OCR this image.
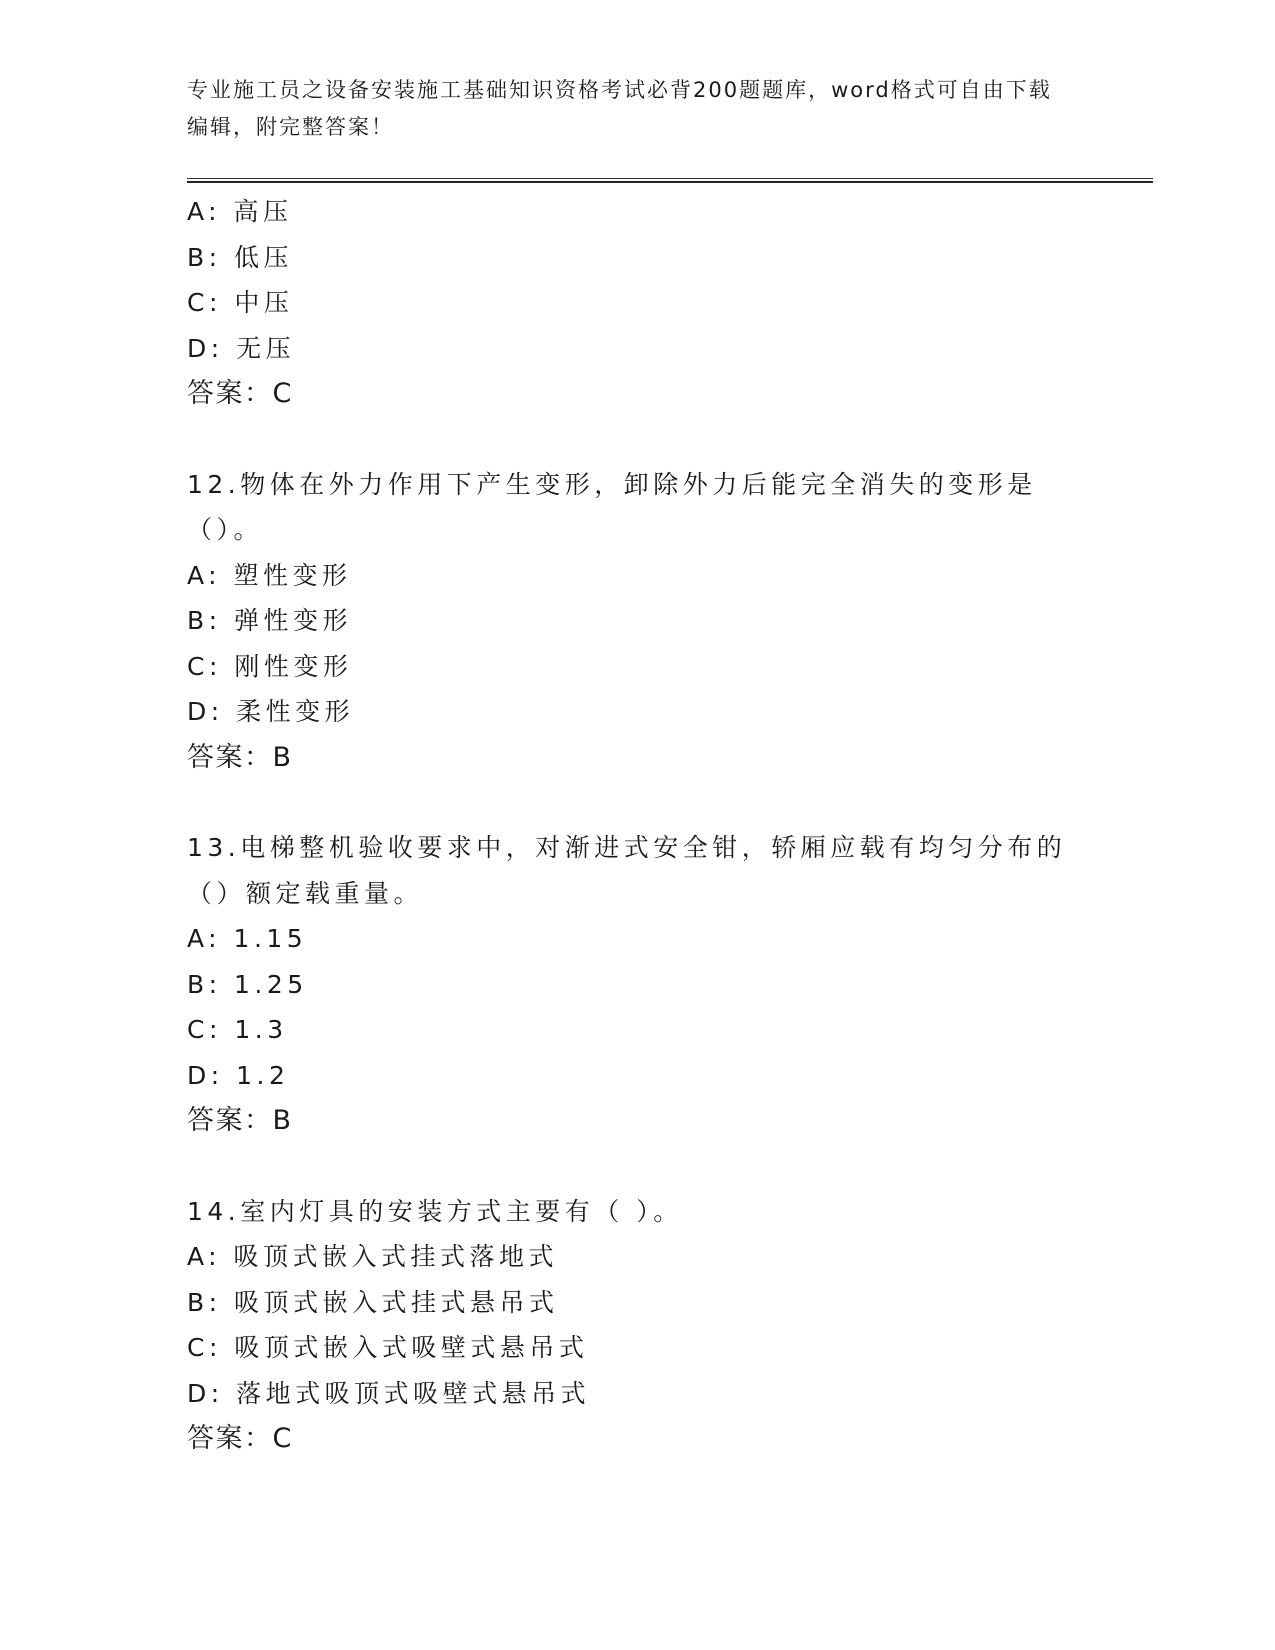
专业施工员之设备安装施工基础知识资格考试必背200题题库，word格式可自由下载编辑，附完整答案！
A: 高压
B: 低压
C: 中压
D: 无压
答案：C
12.物体在外力作用下产生变形，卸除外力后能完全消失的变形是（）。
A: 塑性变形
B: 弹性变形
C: 刚性变形
D: 柔性变形
答案：B
13.电梯整机验收要求中，对渐进式安全钳，轿厢应载有均匀分布的（）额定载重量。
A: 1.15
B: 1.25
C: 1.3
D: 1.2
答案：B
14.室内灯具的安装方式主要有（ ）。
A: 吸顶式嵌入式挂式落地式
B: 吸顶式嵌入式挂式悬吊式
C: 吸顶式嵌入式吸壁式悬吊式
D: 落地式吸顶式吸壁式悬吊式
答案：C
